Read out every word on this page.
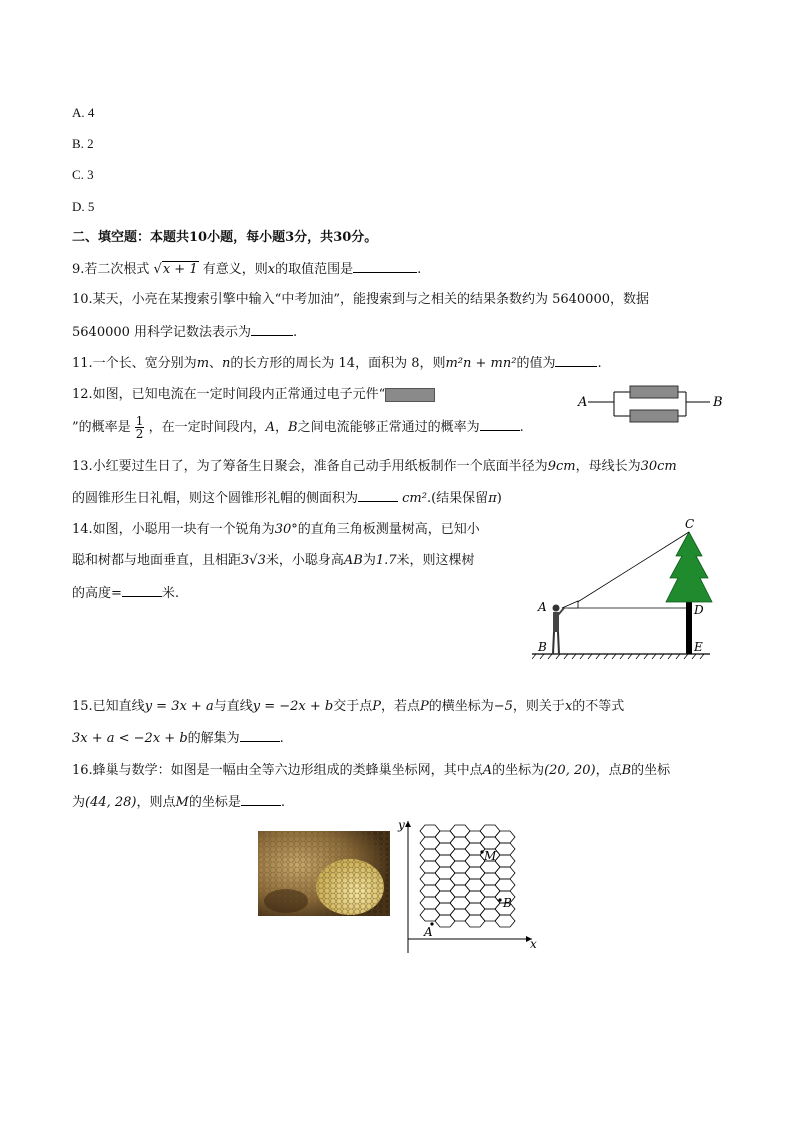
A. 4
B. 2
C. 3
D. 5
二、填空题：本题共10小题，每小题3分，共30分。
9.若二次根式 √x + 1 有意义，则x的取值范围是	.
10.某天，小亮在某搜索引擎中输入“中考加油”，能搜索到与之相关的结果条数约为 5640000，数据
5640000 用科学记数法表示为	.
11.一个长、宽分别为m、n的长方形的周长为 14，面积为 8，则m²n + mn²的值为	.
12.如图，已知电流在一定时间段内正常通过电子元件“
”的概率是 $\frac{1}{2}$ ，在一定时间段内，A，B之间电流能够正常通过的概率为	.
A	B
13.小红要过生日了，为了筹备生日聚会，准备自己动手用纸板制作一个底面半径为9cm，母线长为30cm
的圆锥形生日礼帽，则这个圆锥形礼帽的侧面积为	cm².(结果保留π)
14.如图，小聪用一块有一个锐角为30°的直角三角板测量树高，已知小
聪和树都与地面垂直，且相距3√3米，小聪身高AB为1.7米，则这棵树
的高度=	米.
C
A	D
B	E
15.已知直线y = 3x + a与直线y = −2x + b交于点P，若点P的横坐标为−5，则关于x的不等式
3x + a < −2x + b的解集为	.
16.蜂巢与数学：如图是一幅由全等六边形组成的类蜂巢坐标网，其中点A的坐标为(20, 20)，点B的坐标
为(44, 28)，则点M的坐标是	.
y
x
M
B
A
